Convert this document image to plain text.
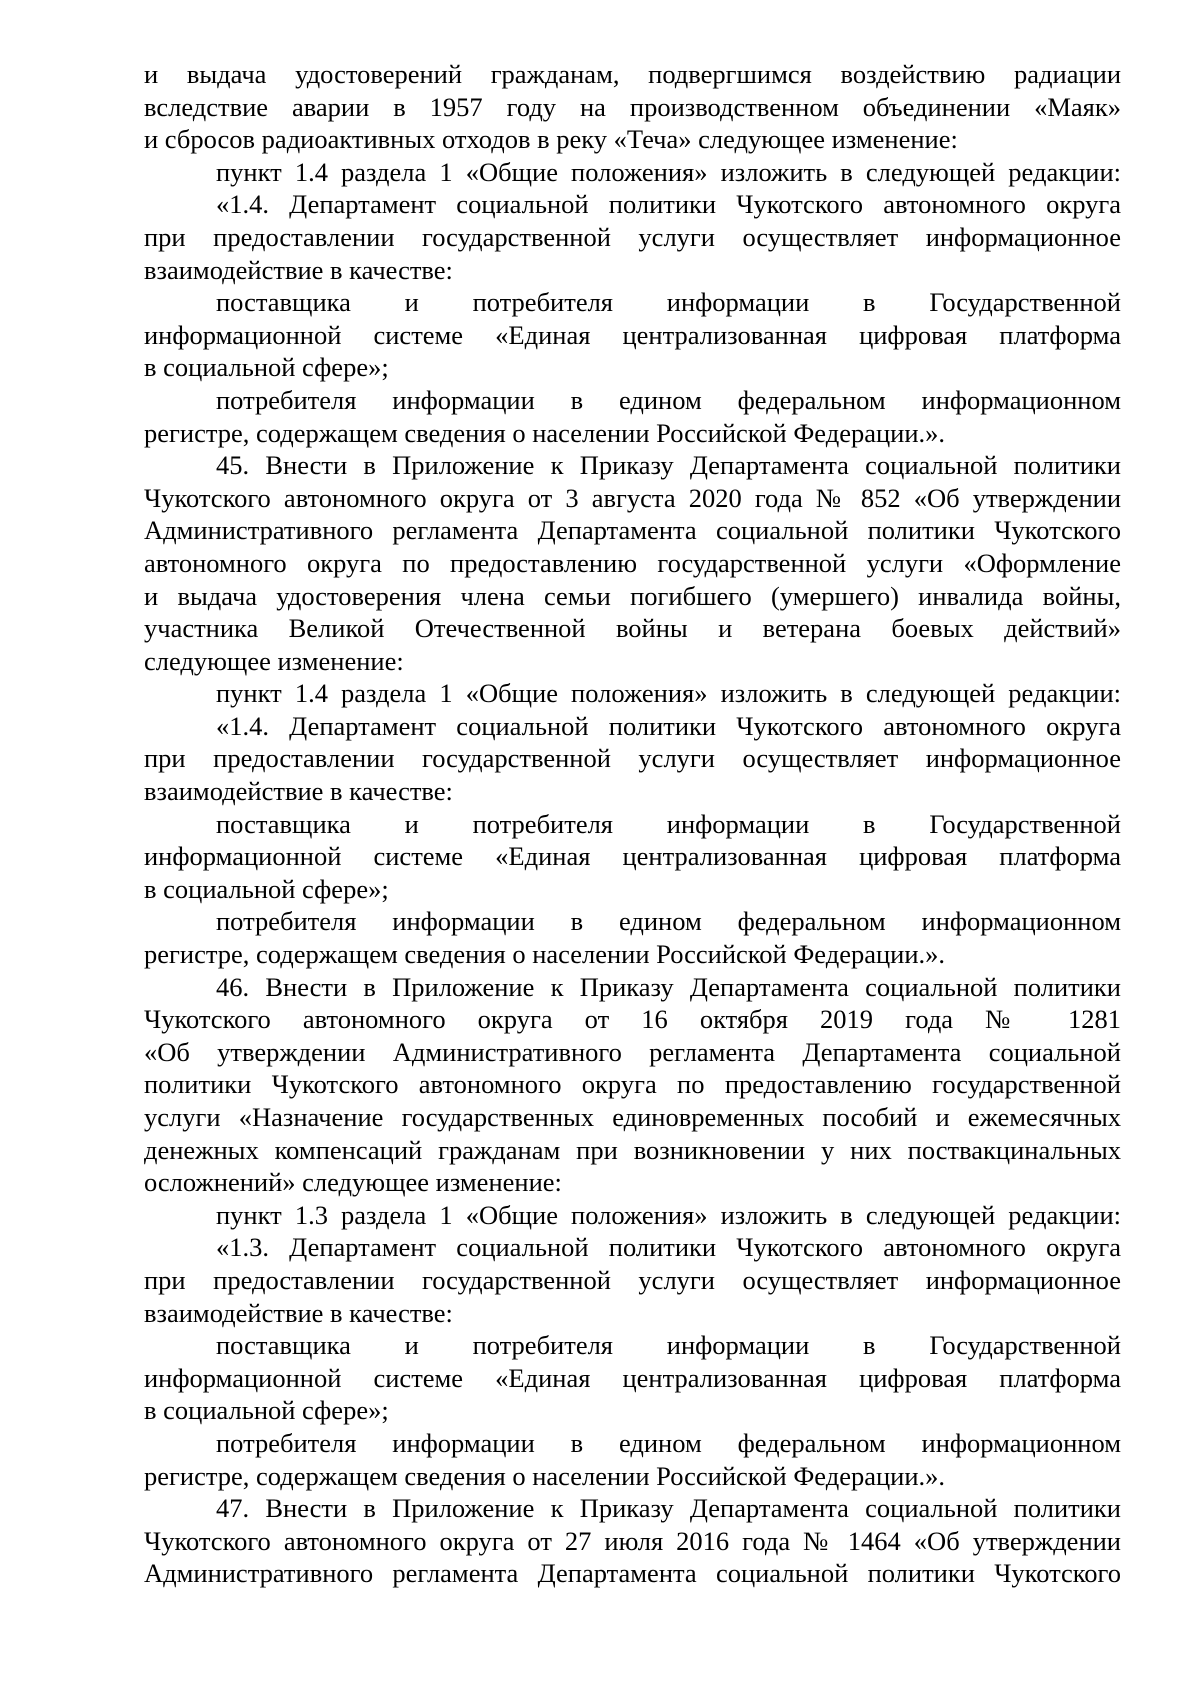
и выдача удостоверений гражданам, подвергшимся воздействию радиации
вследствие аварии в 1957 году на производственном объединении «Маяк»
и сбросов радиоактивных отходов в реку «Теча» следующее изменение:
пункт 1.4 раздела 1 «Общие положения» изложить в следующей редакции:
«1.4. Департамент социальной политики Чукотского автономного округа
при предоставлении государственной услуги осуществляет информационное
взаимодействие в качестве:
поставщика и потребителя информации в Государственной
информационной системе «Единая централизованная цифровая платформа
в социальной сфере»;
потребителя информации в едином федеральном информационном
регистре, содержащем сведения о населении Российской Федерации.».
45. Внести в Приложение к Приказу Департамента социальной политики
Чукотского автономного округа от 3 августа 2020 года № 852 «Об утверждении
Административного регламента Департамента социальной политики Чукотского
автономного округа по предоставлению государственной услуги «Оформление
и выдача удостоверения члена семьи погибшего (умершего) инвалида войны,
участника Великой Отечественной войны и ветерана боевых действий»
следующее изменение:
пункт 1.4 раздела 1 «Общие положения» изложить в следующей редакции:
«1.4. Департамент социальной политики Чукотского автономного округа
при предоставлении государственной услуги осуществляет информационное
взаимодействие в качестве:
поставщика и потребителя информации в Государственной
информационной системе «Единая централизованная цифровая платформа
в социальной сфере»;
потребителя информации в едином федеральном информационном
регистре, содержащем сведения о населении Российской Федерации.».
46. Внести в Приложение к Приказу Департамента социальной политики
Чукотского автономного округа от 16 октября 2019 года № 1281
«Об утверждении Административного регламента Департамента социальной
политики Чукотского автономного округа по предоставлению государственной
услуги «Назначение государственных единовременных пособий и ежемесячных
денежных компенсаций гражданам при возникновении у них поствакцинальных
осложнений» следующее изменение:
пункт 1.3 раздела 1 «Общие положения» изложить в следующей редакции:
«1.3. Департамент социальной политики Чукотского автономного округа
при предоставлении государственной услуги осуществляет информационное
взаимодействие в качестве:
поставщика и потребителя информации в Государственной
информационной системе «Единая централизованная цифровая платформа
в социальной сфере»;
потребителя информации в едином федеральном информационном
регистре, содержащем сведения о населении Российской Федерации.».
47. Внести в Приложение к Приказу Департамента социальной политики
Чукотского автономного округа от 27 июля 2016 года № 1464 «Об утверждении
Административного регламента Департамента социальной политики Чукотского
